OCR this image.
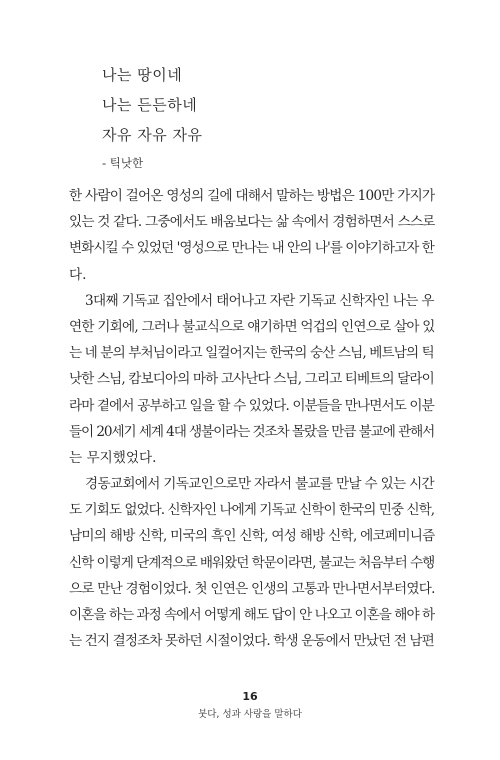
나는 땅이네
나는 든든하네
자유 자유 자유
- 틱낫한

한 사람이 걸어온 영성의 길에 대해서 말하는 방법은 100만 가지가
있는 것 같다. 그중에서도 배움보다는 삶 속에서 경험하면서 스스로
변화시킬 수 있었던 '영성으로 만나는 내 안의 나'를 이야기하고자 한
다.

3대째 기독교 집안에서 태어나고 자란 기독교 신학자인 나는 우
연한 기회에, 그러나 불교식으로 얘기하면 억겁의 인연으로 살아 있
는 네 분의 부처님이라고 일컬어지는 한국의 숭산 스님, 베트남의 틱
낫한 스님, 캄보디아의 마하 고사난다 스님, 그리고 티베트의 달라이
라마 곁에서 공부하고 일을 할 수 있었다. 이분들을 만나면서도 이분
들이 20세기 세계 4대 생불이라는 것조차 몰랐을 만큼 불교에 관해서
는 무지했었다.

경동교회에서 기독교인으로만 자라서 불교를 만날 수 있는 시간
도 기회도 없었다. 신학자인 나에게 기독교 신학이 한국의 민중 신학,
남미의 해방 신학, 미국의 흑인 신학, 여성 해방 신학, 에코페미니즘
신학 이렇게 단계적으로 배워왔던 학문이라면, 불교는 처음부터 수행
으로 만난 경험이었다. 첫 인연은 인생의 고통과 만나면서부터였다.
이혼을 하는 과정 속에서 어떻게 해도 답이 안 나오고 이혼을 해야 하
는 건지 결정조차 못하던 시절이었다. 학생 운동에서 만났던 전 남편

16
붓다, 성과 사랑을 말하다
